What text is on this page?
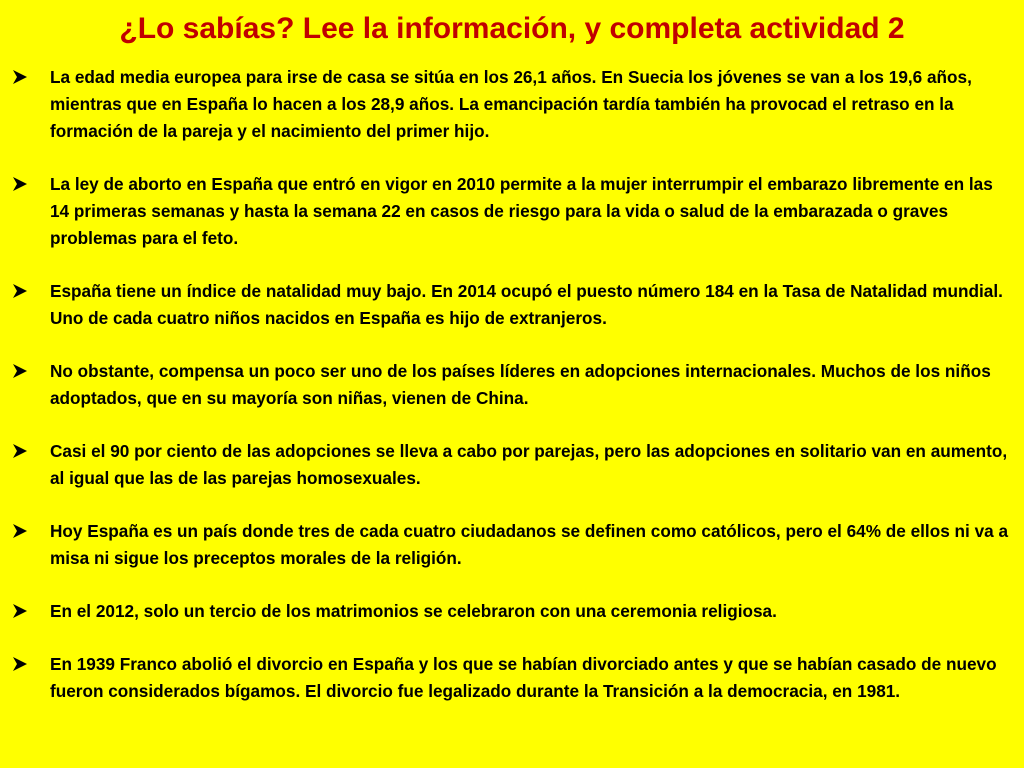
¿Lo sabías? Lee la información, y completa actividad 2
La edad media europea para irse de casa se sitúa en los 26,1 años. En Suecia los jóvenes se van a los 19,6 años, mientras que en España lo hacen a los 28,9 años. La emancipación tardía también ha provocad el retraso en la formación de la pareja y el nacimiento del primer hijo.
La ley de aborto en España que entró en vigor en 2010 permite a la mujer interrumpir el embarazo libremente en las 14 primeras semanas y hasta la semana 22 en casos de riesgo para la vida o salud de la embarazada o graves problemas para el feto.
España tiene un índice de natalidad muy bajo. En 2014 ocupó el puesto número 184 en la Tasa de Natalidad mundial. Uno de cada cuatro niños nacidos en España es hijo de extranjeros.
No obstante, compensa un poco ser uno de los países líderes en adopciones internacionales. Muchos de los niños adoptados, que en su mayoría son niñas, vienen de China.
Casi el 90 por ciento de las adopciones se lleva a cabo por parejas, pero las adopciones en solitario van en aumento, al igual que las de las parejas homosexuales.
Hoy España es un país donde tres de cada cuatro ciudadanos se definen como católicos, pero el 64% de ellos ni va a misa ni sigue los preceptos morales de la religión.
En el 2012, solo un tercio de los matrimonios se celebraron con una ceremonia religiosa.
En 1939 Franco abolió el divorcio en España y los que se habían divorciado antes y que se habían casado de nuevo fueron considerados bígamos. El divorcio fue legalizado durante la Transición a la democracia, en 1981.
